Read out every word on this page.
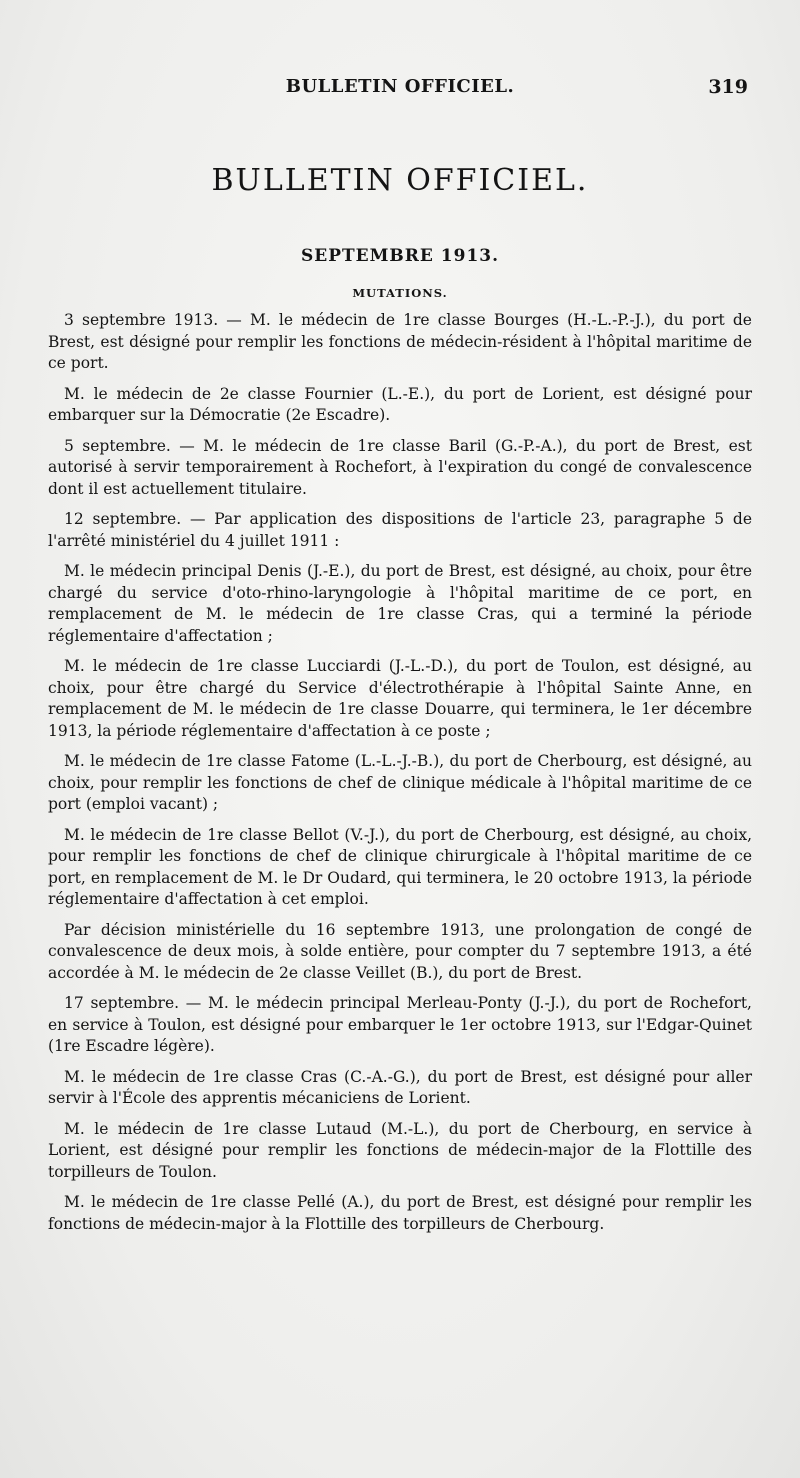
BULLETIN OFFICIEL.	319
BULLETIN OFFICIEL.
SEPTEMBRE 1913.
MUTATIONS.

3 septembre 1913. — M. le médecin de 1re classe Bourges (H.-L.-P.-J.), du port de Brest, est désigné pour remplir les fonctions de médecin-résident à l'hôpital maritime de ce port.

M. le médecin de 2e classe Fournier (L.-E.), du port de Lorient, est désigné pour embarquer sur la Démocratie (2e Escadre).

5 septembre. — M. le médecin de 1re classe Baril (G.-P.-A.), du port de Brest, est autorisé à servir temporairement à Rochefort, à l'expiration du congé de convalescence dont il est actuellement titulaire.

12 septembre. — Par application des dispositions de l'article 23, paragraphe 5 de l'arrêté ministériel du 4 juillet 1911 :

M. le médecin principal Denis (J.-E.), du port de Brest, est désigné, au choix, pour être chargé du service d'oto-rhino-laryngologie à l'hôpital maritime de ce port, en remplacement de M. le médecin de 1re classe Cras, qui a terminé la période réglementaire d'affectation ;

M. le médecin de 1re classe Lucciardi (J.-L.-D.), du port de Toulon, est désigné, au choix, pour être chargé du Service d'électrothérapie à l'hôpital Sainte Anne, en remplacement de M. le médecin de 1re classe Douarre, qui terminera, le 1er décembre 1913, la période réglementaire d'affectation à ce poste ;

M. le médecin de 1re classe Fatome (L.-L.-J.-B.), du port de Cherbourg, est désigné, au choix, pour remplir les fonctions de chef de clinique médicale à l'hôpital maritime de ce port (emploi vacant) ;

M. le médecin de 1re classe Bellot (V.-J.), du port de Cherbourg, est désigné, au choix, pour remplir les fonctions de chef de clinique chirurgicale à l'hôpital maritime de ce port, en remplacement de M. le Dr Oudard, qui terminera, le 20 octobre 1913, la période réglementaire d'affectation à cet emploi.

Par décision ministérielle du 16 septembre 1913, une prolongation de congé de convalescence de deux mois, à solde entière, pour compter du 7 septembre 1913, a été accordée à M. le médecin de 2e classe Veillet (B.), du port de Brest.

17 septembre. — M. le médecin principal Merleau-Ponty (J.-J.), du port de Rochefort, en service à Toulon, est désigné pour embarquer le 1er octobre 1913, sur l'Edgar-Quinet (1re Escadre légère).

M. le médecin de 1re classe Cras (C.-A.-G.), du port de Brest, est désigné pour aller servir à l'École des apprentis mécaniciens de Lorient.

M. le médecin de 1re classe Lutaud (M.-L.), du port de Cherbourg, en service à Lorient, est désigné pour remplir les fonctions de médecin-major de la Flottille des torpilleurs de Toulon.

M. le médecin de 1re classe Pellé (A.), du port de Brest, est désigné pour remplir les fonctions de médecin-major à la Flottille des torpilleurs de Cherbourg.
